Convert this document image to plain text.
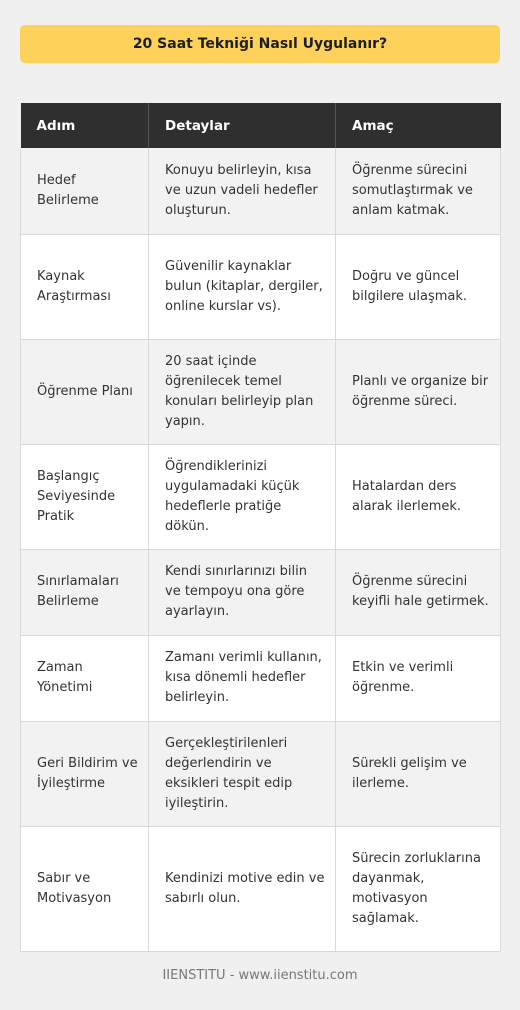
20 Saat Tekniği Nasıl Uygulanır?
Adım	Detaylar	Amaç
Hedef Belirleme	Konuyu belirleyin, kısa ve uzun vadeli hedefler oluşturun.	Öğrenme sürecini somutlaştırmak ve anlam katmak.
Kaynak Araştırması	Güvenilir kaynaklar bulun (kitaplar, dergiler, online kurslar vs).	Doğru ve güncel bilgilere ulaşmak.
Öğrenme Planı	20 saat içinde öğrenilecek temel konuları belirleyip plan yapın.	Planlı ve organize bir öğrenme süreci.
Başlangıç Seviyesinde Pratik	Öğrendiklerinizi uygulamadaki küçük hedeflerle pratiğe dökün.	Hatalardan ders alarak ilerlemek.
Sınırlamaları Belirleme	Kendi sınırlarınızı bilin ve tempoyu ona göre ayarlayın.	Öğrenme sürecini keyifli hale getirmek.
Zaman Yönetimi	Zamanı verimli kullanın, kısa dönemli hedefler belirleyin.	Etkin ve verimli öğrenme.
Geri Bildirim ve İyileştirme	Gerçekleştirilenleri değerlendirin ve eksikleri tespit edip iyileştirin.	Sürekli gelişim ve ilerleme.
Sabır ve Motivasyon	Kendinizi motive edin ve sabırlı olun.	Sürecin zorluklarına dayanmak, motivasyon sağlamak.
IIENSTITU - www.iienstitu.com
